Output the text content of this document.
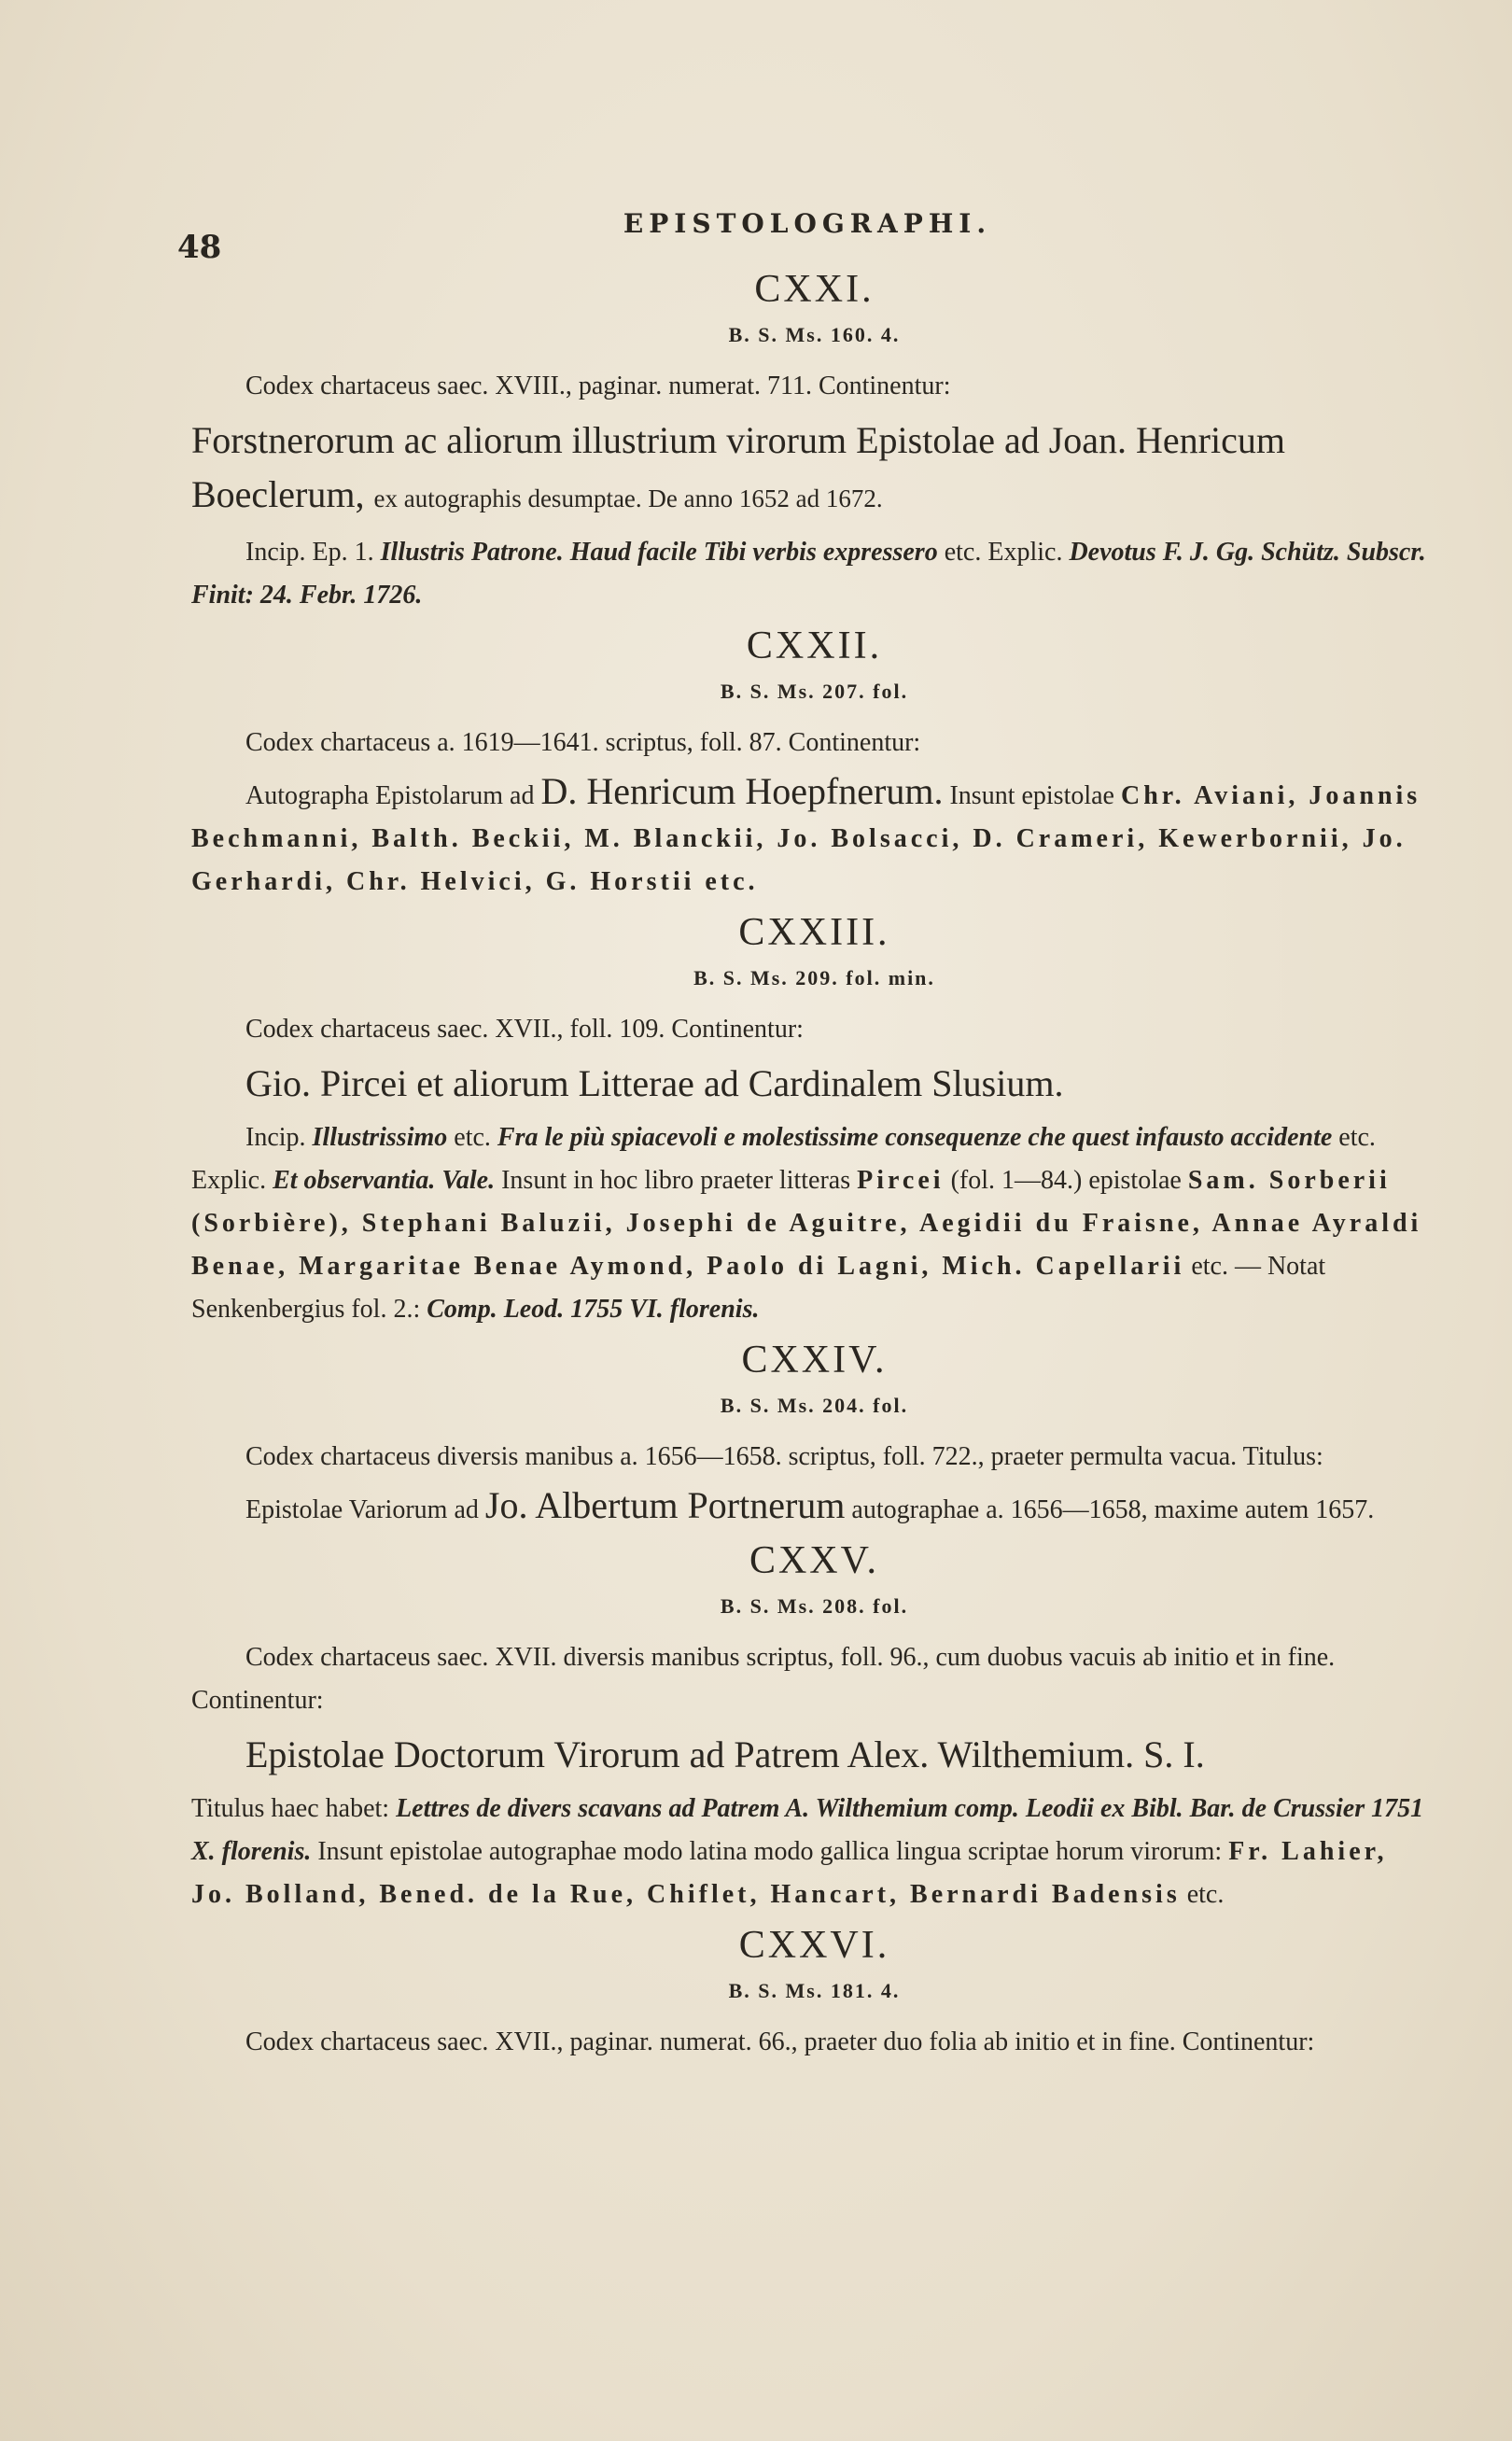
48
EPISTOLOGRAPHI.
CXXI.
B. S. Ms. 160. 4.

Codex chartaceus saec. XVIII., paginar. numerat. 711. Continentur:

Forstnerorum ac aliorum illustrium virorum Epistolae ad Joan. Henricum Boeclerum, ex autographis desumptae. De anno 1652 ad 1672.

Incip. Ep. 1. Illustris Patrone. Haud facile Tibi verbis expressero etc. Explic. Devotus F. J. Gg. Schütz. Subscr. Finit: 24. Febr. 1726.

CXXII.
B. S. Ms. 207. fol.

Codex chartaceus a. 1619—1641. scriptus, foll. 87. Continentur:

Autographa Epistolarum ad D. Henricum Hoepfnerum. Insunt epistolae Chr. Aviani, Joannis Bechmanni, Balth. Beckii, M. Blanckii, Jo. Bolsacci, D. Crameri, Kewerbornii, Jo. Gerhardi, Chr. Helvici, G. Horstii etc.

CXXIII.
B. S. Ms. 209. fol. min.

Codex chartaceus saec. XVII., foll. 109. Continentur:

Gio. Pircei et aliorum Litterae ad Cardinalem Slusium.

Incip. Illustrissimo etc. Fra le più spiacevoli e molestissime consequenze che quest infausto accidente etc. Explic. Et observantia. Vale. Insunt in hoc libro praeter litteras Pircei (fol. 1—84.) epistolae Sam. Sorberii (Sorbière), Stephani Baluzii, Josephi de Aguitre, Aegidii du Fraisne, Annae Ayraldi Benae, Margaritae Benae Aymond, Paolo di Lagni, Mich. Capellarii etc. — Notat Senkenbergius fol. 2.: Comp. Leod. 1755 VI. florenis.

CXXIV.
B. S. Ms. 204. fol.

Codex chartaceus diversis manibus a. 1656—1658. scriptus, foll. 722., praeter permulta vacua. Titulus:

Epistolae Variorum ad Jo. Albertum Portnerum autographae a. 1656—1658, maxime autem 1657.

CXXV.
B. S. Ms. 208. fol.

Codex chartaceus saec. XVII. diversis manibus scriptus, foll. 96., cum duobus vacuis ab initio et in fine. Continentur:

Epistolae Doctorum Virorum ad Patrem Alex. Wilthemium. S. I.

Titulus haec habet: Lettres de divers scavans ad Patrem A. Wilthemium comp. Leodii ex Bibl. Bar. de Crussier 1751 X. florenis. Insunt epistolae autographae modo latina modo gallica lingua scriptae horum virorum: Fr. Lahier, Jo. Bolland, Bened. de la Rue, Chiflet, Hancart, Bernardi Badensis etc.

CXXVI.
B. S. Ms. 181. 4.

Codex chartaceus saec. XVII., paginar. numerat. 66., praeter duo folia ab initio et in fine. Continentur:
